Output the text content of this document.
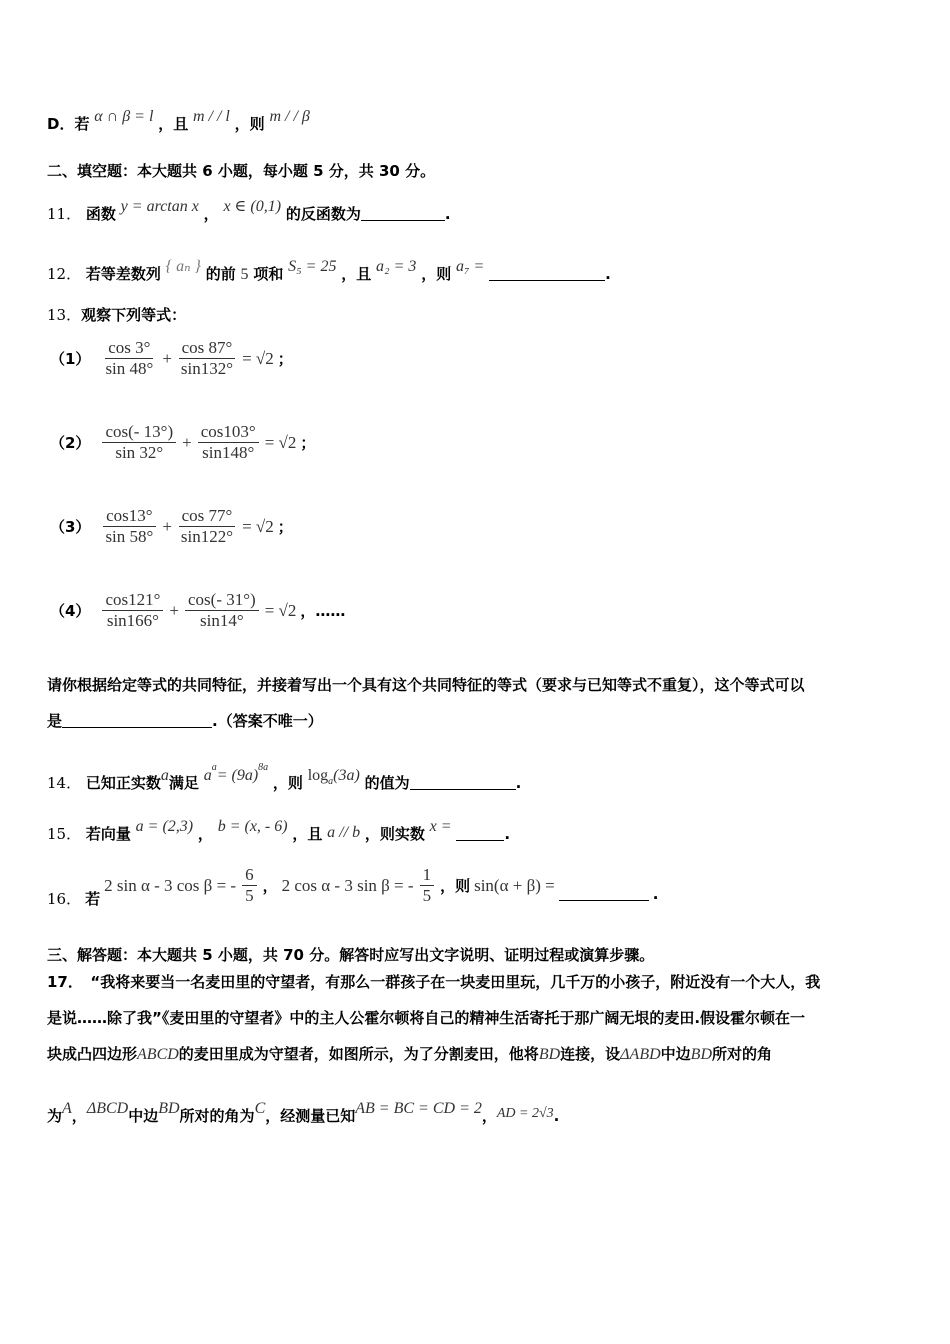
D．若 α ∩ β = l ，且 m / / l ，则 m / / β
二、填空题：本大题共 6 小题，每小题 5 分，共 30 分。
11． 函数 y = arctan x ， x ∈ (0,1) 的反函数为	.
12． 若等差数列 { aₙ } 的前 5 项和 S₅ = 25 ，且 a₂ = 3 ，则 a₇ =	.
13．观察下列等式：
$(1) \frac{\cos 3^\circ}{\sin 48^\circ} + \frac{\cos 87^\circ}{\sin 132^\circ} = √2$ ；
$(2) \frac{\cos(- 13^\circ)}{\sin 32^\circ} + \frac{\cos 103^\circ}{\sin 148^\circ} = √2$ ；
$(3) \frac{\cos 13^\circ}{\sin 58^\circ} + \frac{\cos 77^\circ}{\sin 122^\circ} = √2$ ；
$(4) \frac{\cos 121^\circ}{\sin 166^\circ} + \frac{\cos(- 31^\circ)}{\sin 14^\circ} = √2$ ，……
请你根据给定等式的共同特征，并接着写出一个具有这个共同特征的等式（要求与已知等式不重复），这个等式可以
是	.（答案不唯一）
14． 已知正实数a满足 $a^a= (9a)^{8a}$ ，则 $\log_a(3a)$ 的值为	.
15． 若向量 a = (2,3) ， b = (x, - 6) ，且 a // b ，则实数 x =	.
16． 若
2 sin α - 3 cos β = - $\frac{6}{5}$ ， 2 cos α - 3 sin β = - $\frac{1}{5}$ ，则 sin(α + β) =	.
三、解答题：本大题共 5 小题，共 70 分。解答时应写出文字说明、证明过程或演算步骤。
17．　“我将来要当一名麦田里的守望者，有那么一群孩子在一块麦田里玩，几千万的小孩子，附近没有一个大人，我
是说……除了我”《麦田里的守望者》中的主人公霍尔顿将自己的精神生活寄托于那广阔无垠的麦田.假设霍尔顿在一
块成凸四边形ABCD的麦田里成为守望者，如图所示，为了分割麦田，他将BD连接，设ΔABD中边BD所对的角
为A，ΔBCD中边BD所对的角为C，经测量已知AB = BC = CD = 2，AD = 2√3.
